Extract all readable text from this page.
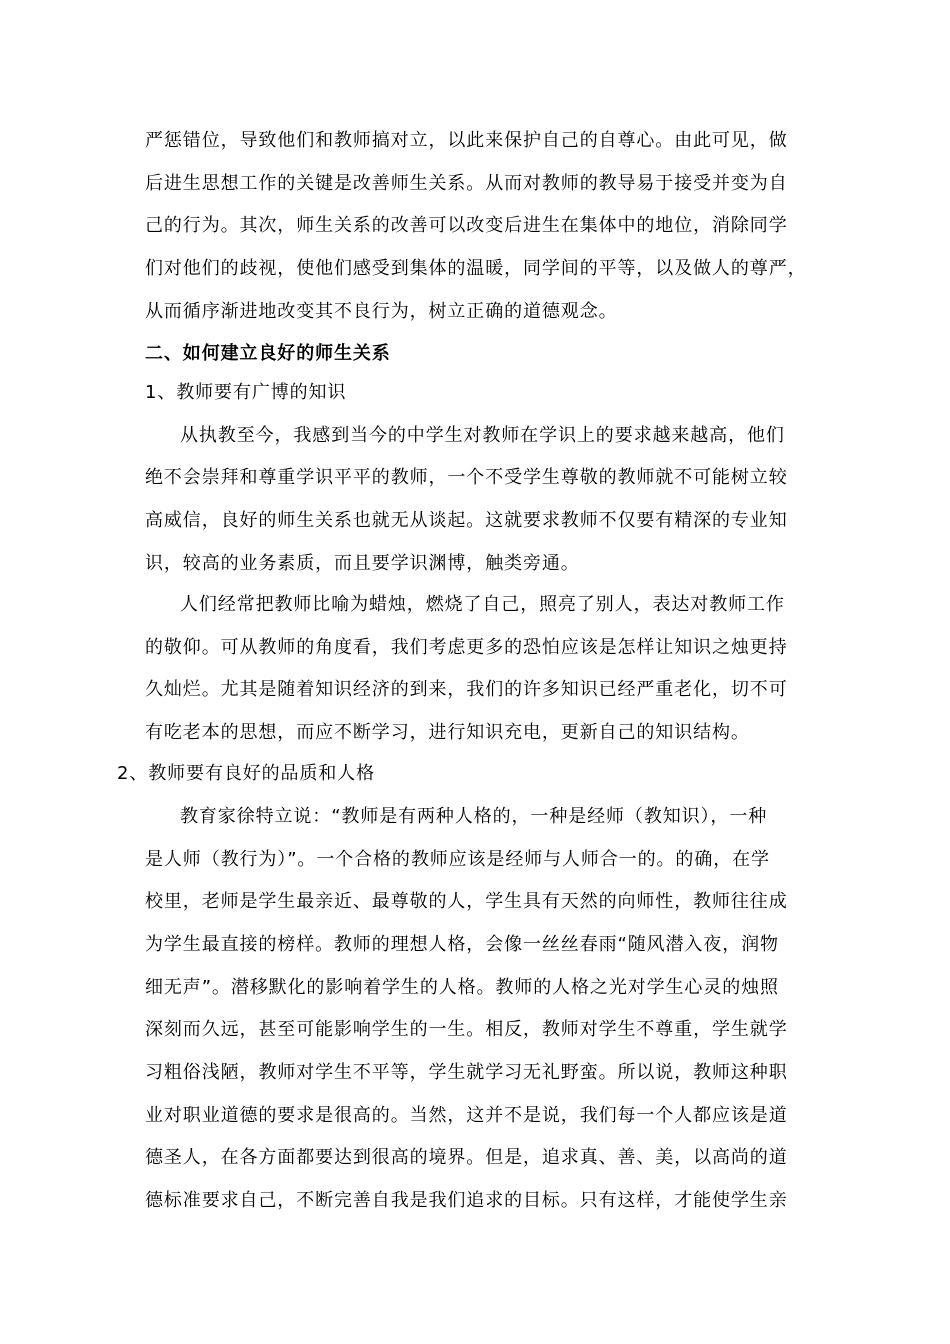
严惩错位，导致他们和教师搞对立，以此来保护自己的自尊心。由此可见，做
后进生思想工作的关键是改善师生关系。从而对教师的教导易于接受并变为自
己的行为。其次，师生关系的改善可以改变后进生在集体中的地位，消除同学
们对他们的歧视，使他们感受到集体的温暖，同学间的平等，以及做人的尊严，
从而循序渐进地改变其不良行为，树立正确的道德观念。
二、如何建立良好的师生关系
1、教师要有广博的知识
从执教至今，我感到当今的中学生对教师在学识上的要求越来越高，他们
绝不会崇拜和尊重学识平平的教师，一个不受学生尊敬的教师就不可能树立较
高威信，良好的师生关系也就无从谈起。这就要求教师不仅要有精深的专业知
识，较高的业务素质，而且要学识渊博，触类旁通。
人们经常把教师比喻为蜡烛，燃烧了自己，照亮了别人，表达对教师工作
的敬仰。可从教师的角度看，我们考虑更多的恐怕应该是怎样让知识之烛更持
久灿烂。尤其是随着知识经济的到来，我们的许多知识已经严重老化，切不可
有吃老本的思想，而应不断学习，进行知识充电，更新自己的知识结构。
2、教师要有良好的品质和人格
教育家徐特立说：“教师是有两种人格的，一种是经师（教知识），一种
是人师（教行为）”。一个合格的教师应该是经师与人师合一的。的确，在学
校里，老师是学生最亲近、最尊敬的人，学生具有天然的向师性，教师往往成
为学生最直接的榜样。教师的理想人格，会像一丝丝春雨“随风潜入夜，润物
细无声”。潜移默化的影响着学生的人格。教师的人格之光对学生心灵的烛照
深刻而久远，甚至可能影响学生的一生。相反，教师对学生不尊重，学生就学
习粗俗浅陋，教师对学生不平等，学生就学习无礼野蛮。所以说，教师这种职
业对职业道德的要求是很高的。当然，这并不是说，我们每一个人都应该是道
德圣人，在各方面都要达到很高的境界。但是，追求真、善、美，以高尚的道
德标准要求自己，不断完善自我是我们追求的目标。只有这样，才能使学生亲
